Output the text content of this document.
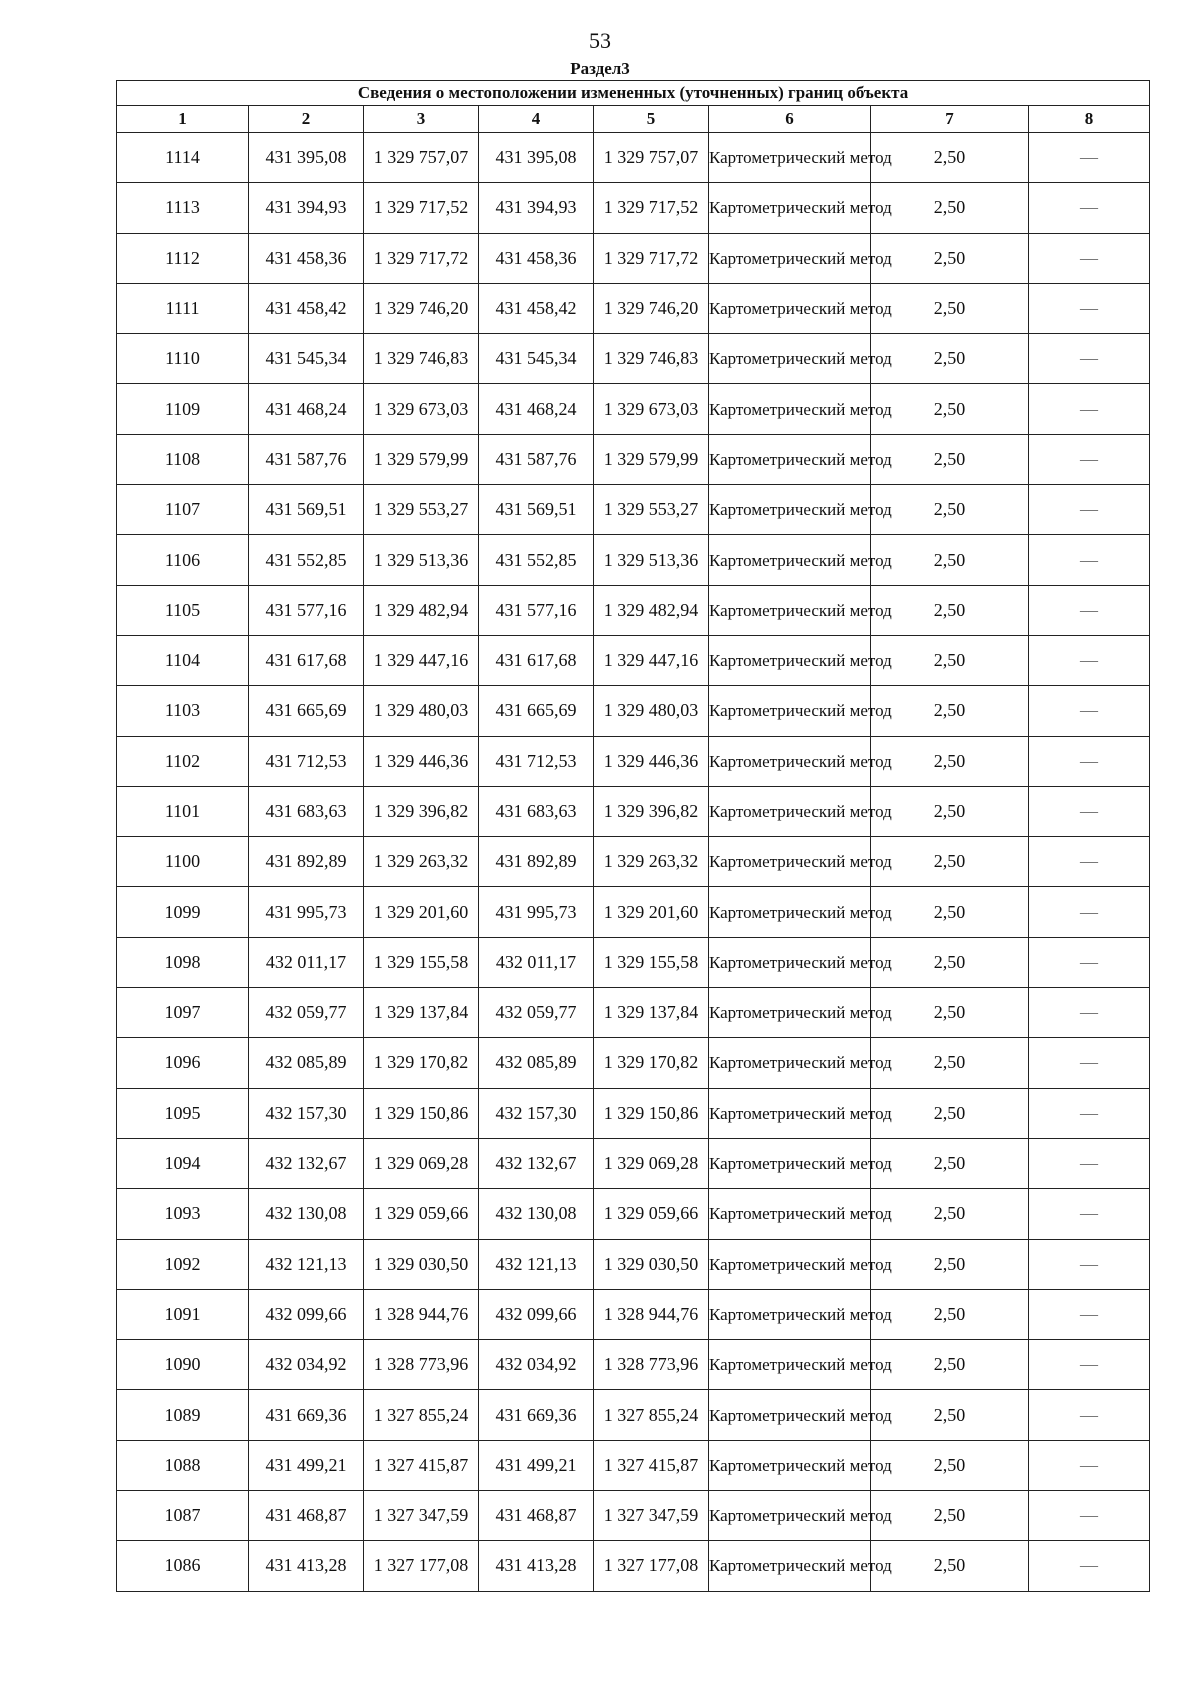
53
Раздел3
Сведения о местоположении измененных (уточненных) границ объекта							
1	2	3	4	5	6	7	8
1114	431 395,08	1 329 757,07	431 395,08	1 329 757,07	Картометрический метод	2,50	—
1113	431 394,93	1 329 717,52	431 394,93	1 329 717,52	Картометрический метод	2,50	—
1112	431 458,36	1 329 717,72	431 458,36	1 329 717,72	Картометрический метод	2,50	—
1111	431 458,42	1 329 746,20	431 458,42	1 329 746,20	Картометрический метод	2,50	—
1110	431 545,34	1 329 746,83	431 545,34	1 329 746,83	Картометрический метод	2,50	—
1109	431 468,24	1 329 673,03	431 468,24	1 329 673,03	Картометрический метод	2,50	—
1108	431 587,76	1 329 579,99	431 587,76	1 329 579,99	Картометрический метод	2,50	—
1107	431 569,51	1 329 553,27	431 569,51	1 329 553,27	Картометрический метод	2,50	—
1106	431 552,85	1 329 513,36	431 552,85	1 329 513,36	Картометрический метод	2,50	—
1105	431 577,16	1 329 482,94	431 577,16	1 329 482,94	Картометрический метод	2,50	—
1104	431 617,68	1 329 447,16	431 617,68	1 329 447,16	Картометрический метод	2,50	—
1103	431 665,69	1 329 480,03	431 665,69	1 329 480,03	Картометрический метод	2,50	—
1102	431 712,53	1 329 446,36	431 712,53	1 329 446,36	Картометрический метод	2,50	—
1101	431 683,63	1 329 396,82	431 683,63	1 329 396,82	Картометрический метод	2,50	—
1100	431 892,89	1 329 263,32	431 892,89	1 329 263,32	Картометрический метод	2,50	—
1099	431 995,73	1 329 201,60	431 995,73	1 329 201,60	Картометрический метод	2,50	—
1098	432 011,17	1 329 155,58	432 011,17	1 329 155,58	Картометрический метод	2,50	—
1097	432 059,77	1 329 137,84	432 059,77	1 329 137,84	Картометрический метод	2,50	—
1096	432 085,89	1 329 170,82	432 085,89	1 329 170,82	Картометрический метод	2,50	—
1095	432 157,30	1 329 150,86	432 157,30	1 329 150,86	Картометрический метод	2,50	—
1094	432 132,67	1 329 069,28	432 132,67	1 329 069,28	Картометрический метод	2,50	—
1093	432 130,08	1 329 059,66	432 130,08	1 329 059,66	Картометрический метод	2,50	—
1092	432 121,13	1 329 030,50	432 121,13	1 329 030,50	Картометрический метод	2,50	—
1091	432 099,66	1 328 944,76	432 099,66	1 328 944,76	Картометрический метод	2,50	—
1090	432 034,92	1 328 773,96	432 034,92	1 328 773,96	Картометрический метод	2,50	—
1089	431 669,36	1 327 855,24	431 669,36	1 327 855,24	Картометрический метод	2,50	—
1088	431 499,21	1 327 415,87	431 499,21	1 327 415,87	Картометрический метод	2,50	—
1087	431 468,87	1 327 347,59	431 468,87	1 327 347,59	Картометрический метод	2,50	—
1086	431 413,28	1 327 177,08	431 413,28	1 327 177,08	Картометрический метод	2,50	—
